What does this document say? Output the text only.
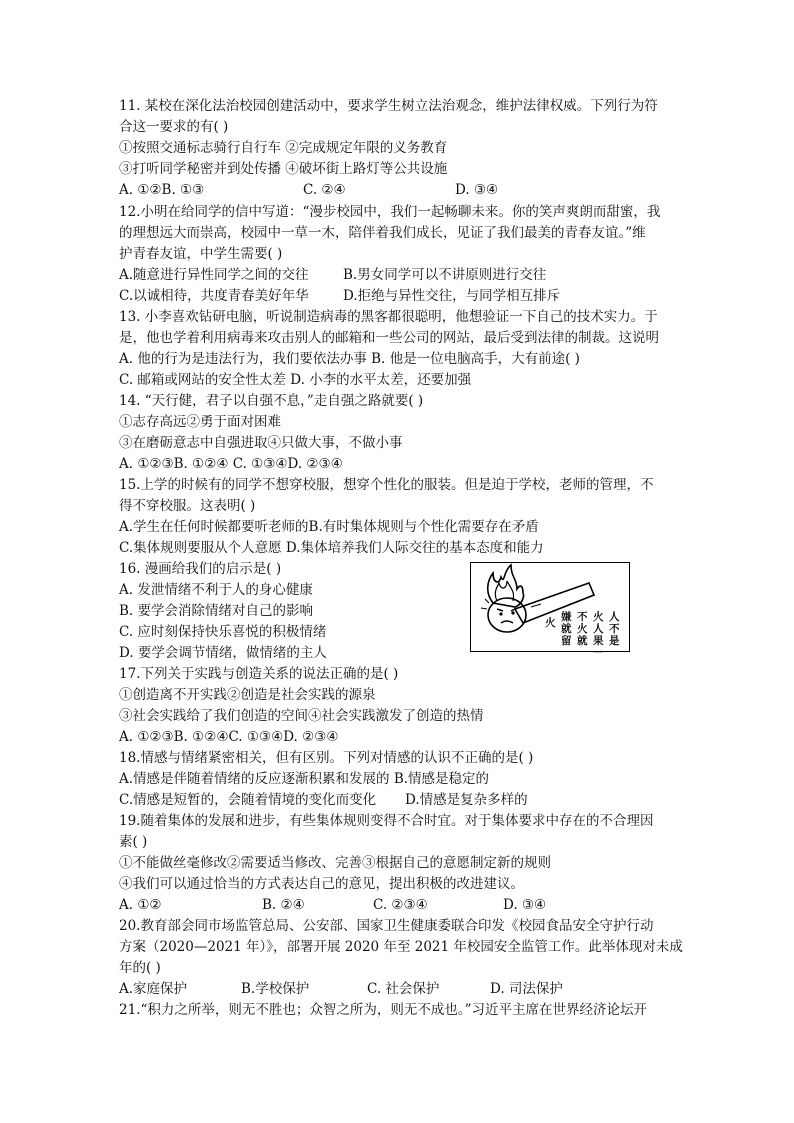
11. 某校在深化法治校园创建活动中，要求学生树立法治观念，维护法律权威。下列行为符
合这一要求的有( )
①按照交通标志骑行自行车 ②完成规定年限的义务教育
③打听同学秘密并到处传播 ④破坏街上路灯等公共设施
A. ①②B. ①③	C. ②④	D. ③④
12.小明在给同学的信中写道：“漫步校园中，我们一起畅聊未来。你的笑声爽朗而甜蜜，我
的理想远大而崇高，校园中一草一木，陪伴着我们成长，见证了我们最美的青春友谊。”维
护青春友谊，中学生需要( )
A.随意进行异性同学之间的交往	B.男女同学可以不讲原则进行交往
C.以诚相待，共度青春美好年华	D.拒绝与异性交往，与同学相互排斥
13. 小李喜欢钻研电脑，听说制造病毒的黑客都很聪明，他想验证一下自己的技术实力。于
是，他也学着利用病毒来攻击别人的邮箱和一些公司的网站，最后受到法律的制裁。这说明
A. 他的行为是违法行为，我们要依法办事 B. 他是一位电脑高手，大有前途( )
C. 邮箱或网站的安全性太差 D. 小李的水平太差，还要加强
14. “天行健，君子以自强不息，”走自强之路就要( )
①志存高远②勇于面对困难
③在磨砺意志中自强进取④只做大事，不做小事
A. ①②③B. ①②④ C. ①③④D. ②③④
15.上学的时候有的同学不想穿校服，想穿个性化的服装。但是迫于学校，老师的管理，不
得不穿校服。这表明( )
A.学生在任何时候都要听老师的B.有时集体规则与个性化需要存在矛盾
C.集体规则要服从个人意愿 D.集体培养我们人际交往的基本态度和能力
16. 漫画给我们的启示是( )
A. 发泄情绪不利于人的身心健康
B. 要学会消除情绪对自己的影响
C. 应时刻保持快乐喜悦的积极情绪
D. 要学会调节情绪，做情绪的主人
火 嫌就留
不火就
火人果一
人不是
17.下列关于实践与创造关系的说法正确的是( )
①创造离不开实践②创造是社会实践的源泉
③社会实践给了我们创造的空间④社会实践激发了创造的热情
A. ①②③B. ①②④C. ①③④D. ②③④
18.情感与情绪紧密相关，但有区别。下列对情感的认识不正确的是( )
A.情感是伴随着情绪的反应逐渐积累和发展的 B.情感是稳定的
C.情感是短暂的，会随着情境的变化而变化 D.情感是复杂多样的
19.随着集体的发展和进步，有些集体规则变得不合时宜。对于集体要求中存在的不合理因
素( )
①不能做丝毫修改②需要适当修改、完善③根据自己的意愿制定新的规则
④我们可以通过恰当的方式表达自己的意见，提出积极的改进建议。
A. ①②	B. ②④	C. ②③④	D. ③④
20.教育部会同市场监管总局、公安部、国家卫生健康委联合印发《校园食品安全守护行动
方案（2020—2021 年）》，部署开展 2020 年至 2021 年校园安全监管工作。此举体现对未成
年的( )
A.家庭保护	B.学校保护	C. 社会保护	D. 司法保护
21.“积力之所举，则无不胜也；众智之所为，则无不成也。”习近平主席在世界经济论坛开
